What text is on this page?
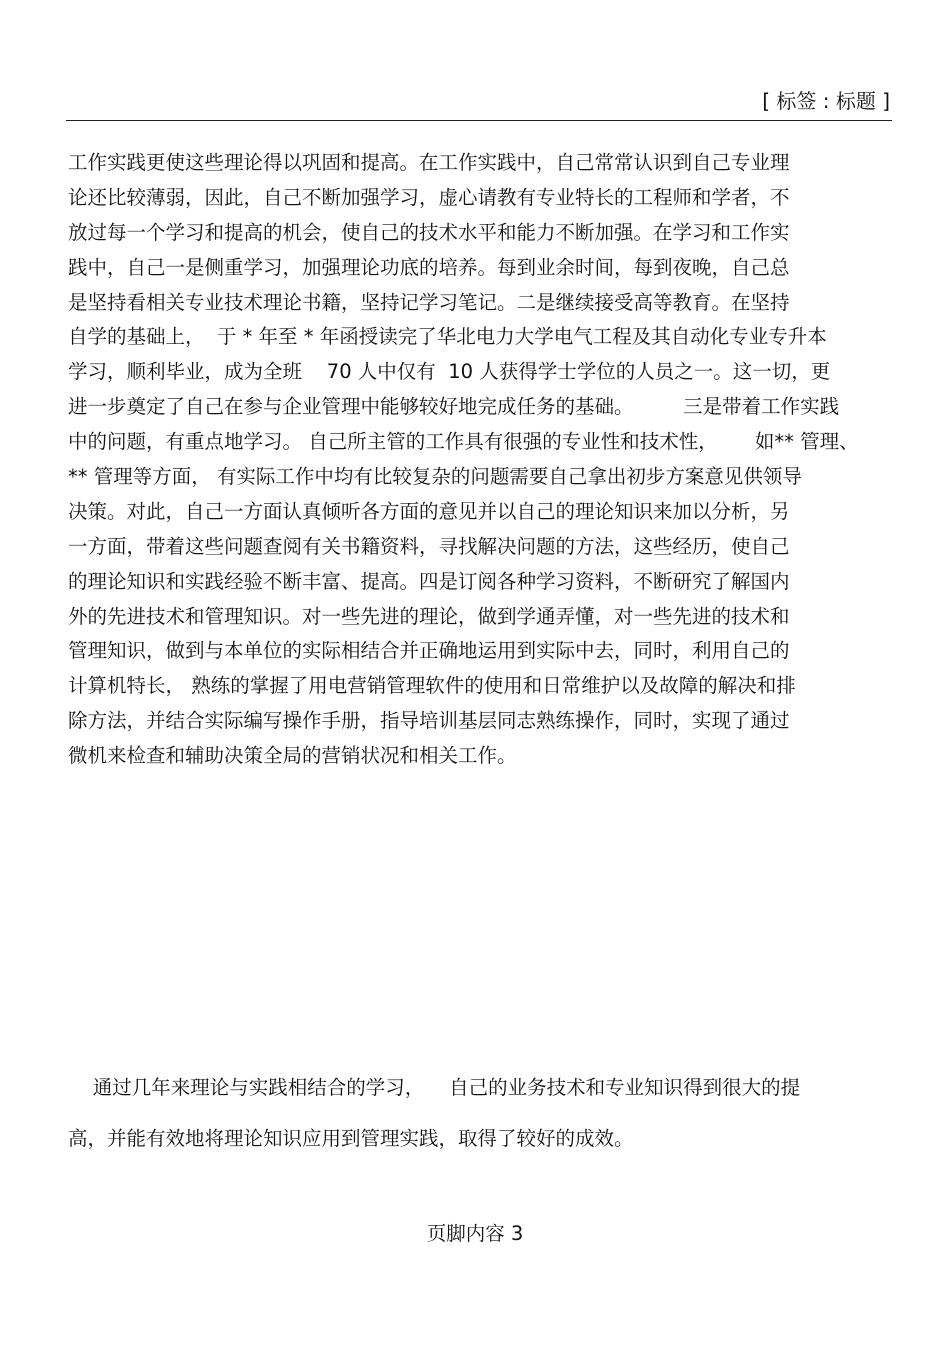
[ 标签 : 标题 ]
工作实践更使这些理论得以巩固和提高。在工作实践中，自己常常认识到自己专业理
论还比较薄弱，因此，自己不断加强学习，虚心请教有专业特长的工程师和学者，不
放过每一个学习和提高的机会，使自己的技术水平和能力不断加强。在学习和工作实
践中，自己一是侧重学习，加强理论功底的培养。每到业余时间，每到夜晚，自己总
是坚持看相关专业技术理论书籍，坚持记学习笔记。二是继续接受高等教育。在坚持
自学的基础上，  于 * 年至 * 年函授读完了华北电力大学电气工程及其自动化专业专升本
学习，顺利毕业，成为全班    70 人中仅有  10 人获得学士学位的人员之一。这一切，更
进一步奠定了自己在参与企业管理中能够较好地完成任务的基础。        三是带着工作实践
中的问题，有重点地学习。 自己所主管的工作具有很强的专业性和技术性，      如** 管理、
** 管理等方面， 有实际工作中均有比较复杂的问题需要自己拿出初步方案意见供领导
决策。对此，自己一方面认真倾听各方面的意见并以自己的理论知识来加以分析，另
一方面，带着这些问题查阅有关书籍资料，寻找解决问题的方法，这些经历，使自己
的理论知识和实践经验不断丰富、提高。四是订阅各种学习资料，不断研究了解国内
外的先进技术和管理知识。对一些先进的理论，做到学通弄懂，对一些先进的技术和
管理知识，做到与本单位的实际相结合并正确地运用到实际中去，同时，利用自己的
计算机特长， 熟练的掌握了用电营销管理软件的使用和日常维护以及故障的解决和排
除方法，并结合实际编写操作手册，指导培训基层同志熟练操作，同时，实现了通过
微机来检查和辅助决策全局的营销状况和相关工作。
通过几年来理论与实践相结合的学习，    自己的业务技术和专业知识得到很大的提
高，并能有效地将理论知识应用到管理实践，取得了较好的成效。
页脚内容 3
